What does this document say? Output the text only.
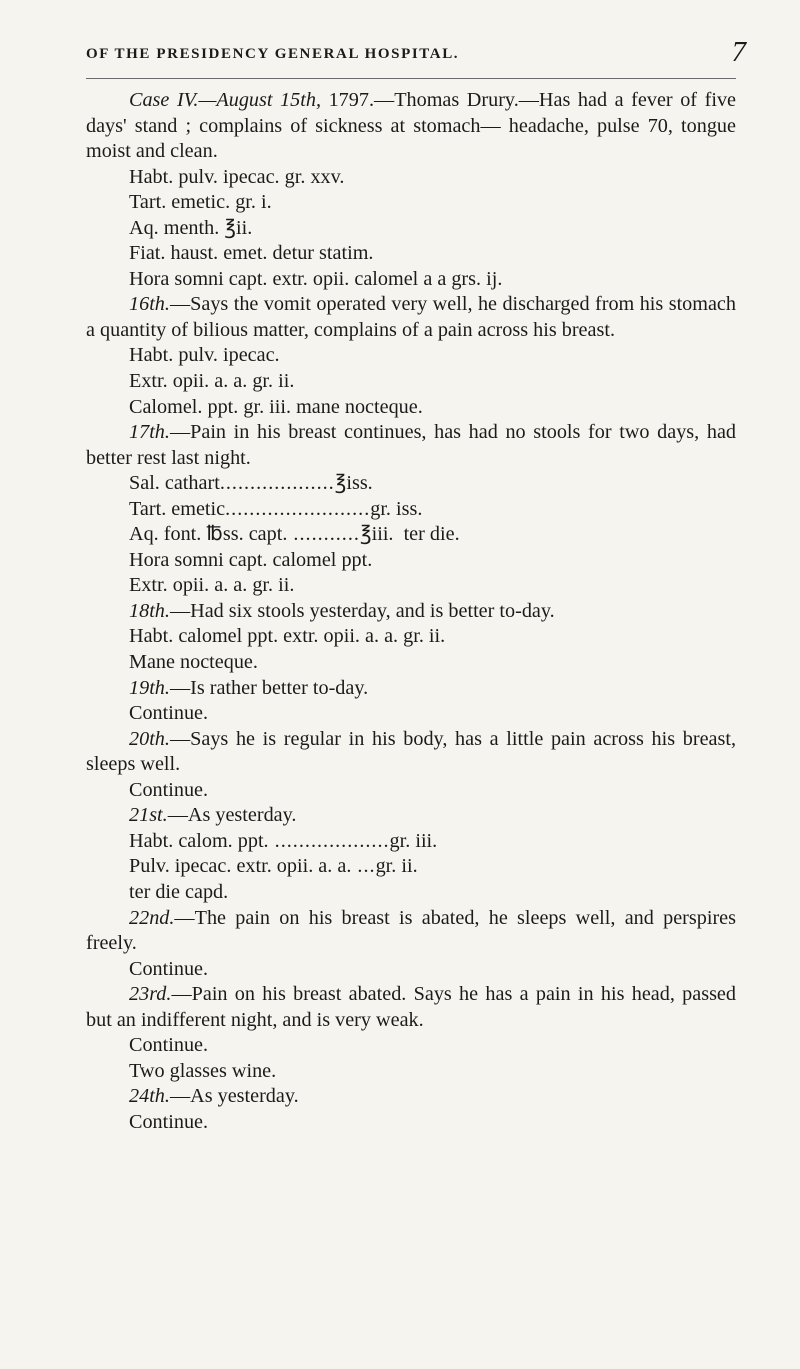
OF THE PRESIDENCY GENERAL HOSPITAL.	7
Case IV.—August 15th, 1797.—Thomas Drury.—Has had a fever of five days' stand ; complains of sickness at stomach— headache, pulse 70, tongue moist and clean.
Habt. pulv. ipecac. gr. xxv.
Tart. emetic. gr. i.
Aq. menth. ℥ii.
Fiat. haust. emet. detur statim.
Hora somni capt. extr. opii. calomel a a grs. ij.
16th.—Says the vomit operated very well, he discharged from his stomach a quantity of bilious matter, complains of a pain across his breast.
Habt. pulv. ipecac.
Extr. opii. a. a. gr. ii.
Calomel. ppt. gr. iii. mane nocteque.
17th.—Pain in his breast continues, has had no stools for two days, had better rest last night.
Sal. cathart...................℥iss.
Tart. emetic........................gr. iss.
Aq. font. ℔ss. capt. ...........℥iii. ter die.
Hora somni capt. calomel ppt.
Extr. opii. a. a. gr. ii.
18th.—Had six stools yesterday, and is better to-day.
Habt. calomel ppt. extr. opii. a. a. gr. ii.
Mane nocteque.
19th.—Is rather better to-day.
Continue.
20th.—Says he is regular in his body, has a little pain across his breast, sleeps well.
Continue.
21st.—As yesterday.
Habt. calom. ppt. ...................gr. iii.
Pulv. ipecac. extr. opii. a. a. ...gr. ii.
ter die capd.
22nd.—The pain on his breast is abated, he sleeps well, and perspires freely.
Continue.
23rd.—Pain on his breast abated. Says he has a pain in his head, passed but an indifferent night, and is very weak.
Continue.
Two glasses wine.
24th.—As yesterday.
Continue.
